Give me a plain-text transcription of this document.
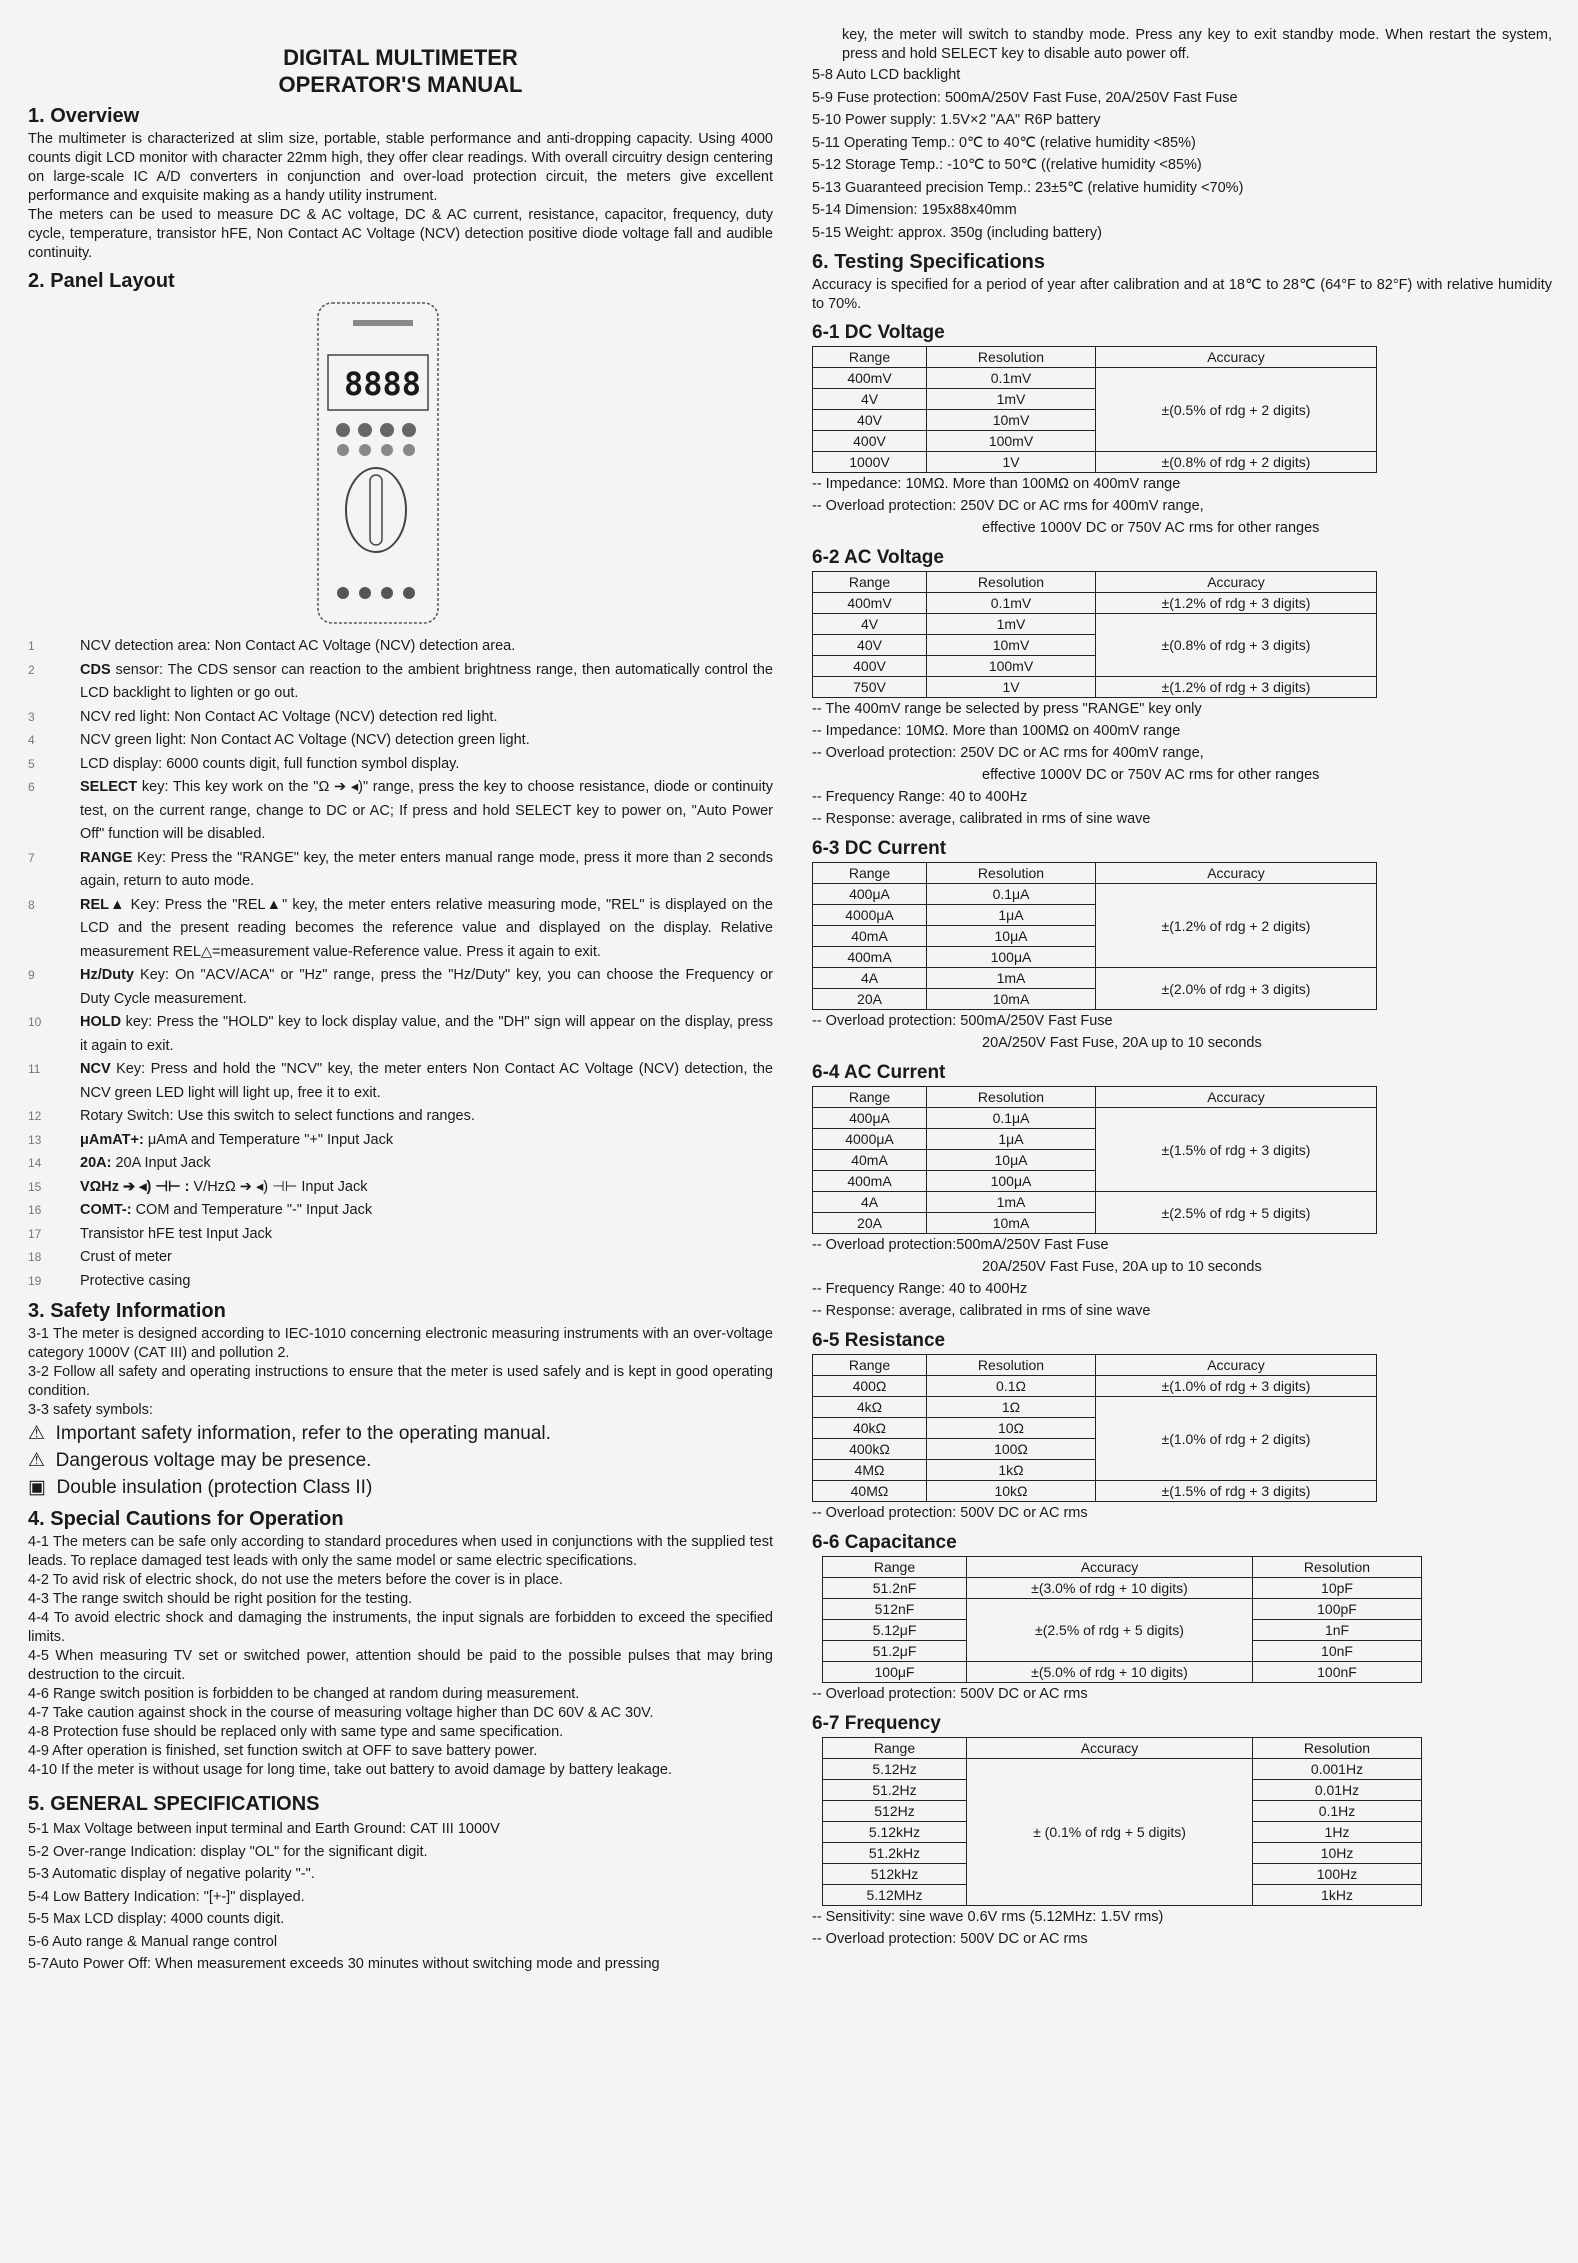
DIGITAL MULTIMETER
OPERATOR'S MANUAL
1. Overview

The multimeter is characterized at slim size, portable, stable performance and anti-dropping capacity. Using 4000 counts digit LCD monitor with character 22mm high, they offer clear readings. With overall circuitry design centering on large-scale IC A/D converters in conjunction and over-load protection circuit, the meters give excellent performance and exquisite making as a handy utility instrument.

The meters can be used to measure DC & AC voltage, DC & AC current, resistance, capacitor, frequency, duty cycle, temperature, transistor hFE, Non Contact AC Voltage (NCV) detection positive diode voltage fall and audible continuity.

2. Panel Layout
8888
1	NCV detection area: Non Contact AC Voltage (NCV) detection area.
2	CDS sensor: The CDS sensor can reaction to the ambient brightness range, then automatically control the LCD backlight to lighten or go out.
3	NCV red light: Non Contact AC Voltage (NCV) detection red light.
4	NCV green light: Non Contact AC Voltage (NCV) detection green light.
5	LCD display: 6000 counts digit, full function symbol display.
6	SELECT key: This key work on the "Ω ➔ ◂)" range, press the key to choose resistance, diode or continuity test, on the current range, change to DC or AC; If press and hold SELECT key to power on, "Auto Power Off" function will be disabled.
7	RANGE Key: Press the "RANGE" key, the meter enters manual range mode, press it more than 2 seconds again, return to auto mode.
8	REL▲ Key: Press the "REL▲" key, the meter enters relative measuring mode, "REL" is displayed on the LCD and the present reading becomes the reference value and displayed on the display. Relative measurement REL△=measurement value-Reference value. Press it again to exit.
9	Hz/Duty Key: On "ACV/ACA" or "Hz" range, press the "Hz/Duty" key, you can choose the Frequency or Duty Cycle measurement.
10	HOLD key: Press the "HOLD" key to lock display value, and the "DH" sign will appear on the display, press it again to exit.
11	NCV Key: Press and hold the "NCV" key, the meter enters Non Contact AC Voltage (NCV) detection, the NCV green LED light will light up, free it to exit.
12	Rotary Switch: Use this switch to select functions and ranges.
13	μAmAT+: μAmA and Temperature "+" Input Jack
14	20A: 20A Input Jack
15	VΩHz ➔ ◂) ⊣⊢ : V/HzΩ ➔ ◂) ⊣⊢ Input Jack
16	COMT-: COM and Temperature "-" Input Jack
17	Transistor hFE test Input Jack
18	Crust of meter
19	Protective casing
3. Safety Information

3-1 The meter is designed according to IEC-1010 concerning electronic measuring instruments with an over-voltage category 1000V (CAT III) and pollution 2.

3-2 Follow all safety and operating instructions to ensure that the meter is used safely and is kept in good operating condition.

3-3 safety symbols:

⚠ Important safety information, refer to the operating manual.
⚠ Dangerous voltage may be presence.
▣ Double insulation (protection Class II)
4. Special Cautions for Operation

4-1 The meters can be safe only according to standard procedures when used in conjunctions with the supplied test leads. To replace damaged test leads with only the same model or same electric specifications.

4-2 To avid risk of electric shock, do not use the meters before the cover is in place.

4-3 The range switch should be right position for the testing.

4-4 To avoid electric shock and damaging the instruments, the input signals are forbidden to exceed the specified limits.

4-5 When measuring TV set or switched power, attention should be paid to the possible pulses that may bring destruction to the circuit.

4-6 Range switch position is forbidden to be changed at random during measurement.

4-7 Take caution against shock in the course of measuring voltage higher than DC 60V & AC 30V.

4-8 Protection fuse should be replaced only with same type and same specification.

4-9 After operation is finished, set function switch at OFF to save battery power.

4-10 If the meter is without usage for long time, take out battery to avoid damage by battery leakage.

5. GENERAL SPECIFICATIONS
5-1 Max Voltage between input terminal and Earth Ground: CAT III 1000V
5-2 Over-range Indication: display "OL" for the significant digit.
5-3 Automatic display of negative polarity "-".
5-4 Low Battery Indication: "[+-]" displayed.
5-5 Max LCD display: 4000 counts digit.
5-6 Auto range & Manual range control
5-7Auto Power Off: When measurement exceeds 30 minutes without switching mode and pressing

key, the meter will switch to standby mode. Press any key to exit standby mode. When restart the system, press and hold SELECT key to disable auto power off.

5-8 Auto LCD backlight
5-9 Fuse protection: 500mA/250V Fast Fuse, 20A/250V Fast Fuse
5-10 Power supply: 1.5V×2 "AA" R6P battery
5-11 Operating Temp.: 0℃ to 40℃ (relative humidity <85%)
5-12 Storage Temp.: -10℃ to 50℃ ((relative humidity <85%)
5-13 Guaranteed precision Temp.: 23±5℃ (relative humidity <70%)
5-14 Dimension: 195x88x40mm
5-15 Weight: approx. 350g (including battery)
6. Testing Specifications

Accuracy is specified for a period of year after calibration and at 18℃ to 28℃ (64°F to 82°F) with relative humidity to 70%.

6-1 DC Voltage
Range	Resolution	Accuracy
400mV	0.1mV	±(0.5% of rdg + 2 digits)
4V	1mV	
40V	10mV	
400V	100mV	
1000V	1V	±(0.8% of rdg + 2 digits)
-- Impedance: 10MΩ. More than 100MΩ on 400mV range
-- Overload protection: 250V DC or AC rms for 400mV range,
effective 1000V DC or 750V AC rms for other ranges
6-2 AC Voltage
Range	Resolution	Accuracy
400mV	0.1mV	±(1.2% of rdg + 3 digits)
4V	1mV	±(0.8% of rdg + 3 digits)
40V	10mV	
400V	100mV	
750V	1V	±(1.2% of rdg + 3 digits)
-- The 400mV range be selected by press "RANGE" key only
-- Impedance: 10MΩ. More than 100MΩ on 400mV range
-- Overload protection: 250V DC or AC rms for 400mV range,
effective 1000V DC or 750V AC rms for other ranges
-- Frequency Range: 40 to 400Hz
-- Response: average, calibrated in rms of sine wave
6-3 DC Current
Range	Resolution	Accuracy
400μA	0.1μA	±(1.2% of rdg + 2 digits)
4000μA	1μA	
40mA	10μA	
400mA	100μA	
4A	1mA	±(2.0% of rdg + 3 digits)
20A	10mA	
-- Overload protection: 500mA/250V Fast Fuse
20A/250V Fast Fuse, 20A up to 10 seconds
6-4 AC Current
Range	Resolution	Accuracy
400μA	0.1μA	±(1.5% of rdg + 3 digits)
4000μA	1μA	
40mA	10μA	
400mA	100μA	
4A	1mA	±(2.5% of rdg + 5 digits)
20A	10mA	
-- Overload protection:500mA/250V Fast Fuse
20A/250V Fast Fuse, 20A up to 10 seconds
-- Frequency Range: 40 to 400Hz
-- Response: average, calibrated in rms of sine wave
6-5 Resistance
Range	Resolution	Accuracy
400Ω	0.1Ω	±(1.0% of rdg + 3 digits)
4kΩ	1Ω	±(1.0% of rdg + 2 digits)
40kΩ	10Ω	
400kΩ	100Ω	
4MΩ	1kΩ	
40MΩ	10kΩ	±(1.5% of rdg + 3 digits)
-- Overload protection: 500V DC or AC rms
6-6 Capacitance
Range	Accuracy	Resolution
51.2nF	±(3.0% of rdg + 10 digits)	10pF
512nF	±(2.5% of rdg + 5 digits)	100pF
5.12μF		1nF
51.2μF		10nF
100μF	±(5.0% of rdg + 10 digits)	100nF
-- Overload protection: 500V DC or AC rms
6-7 Frequency
Range	Accuracy	Resolution
5.12Hz	± (0.1% of rdg + 5 digits)	0.001Hz
51.2Hz		0.01Hz
512Hz		0.1Hz
5.12kHz		1Hz
51.2kHz		10Hz
512kHz		100Hz
5.12MHz		1kHz
-- Sensitivity: sine wave 0.6V rms (5.12MHz: 1.5V rms)
-- Overload protection: 500V DC or AC rms
